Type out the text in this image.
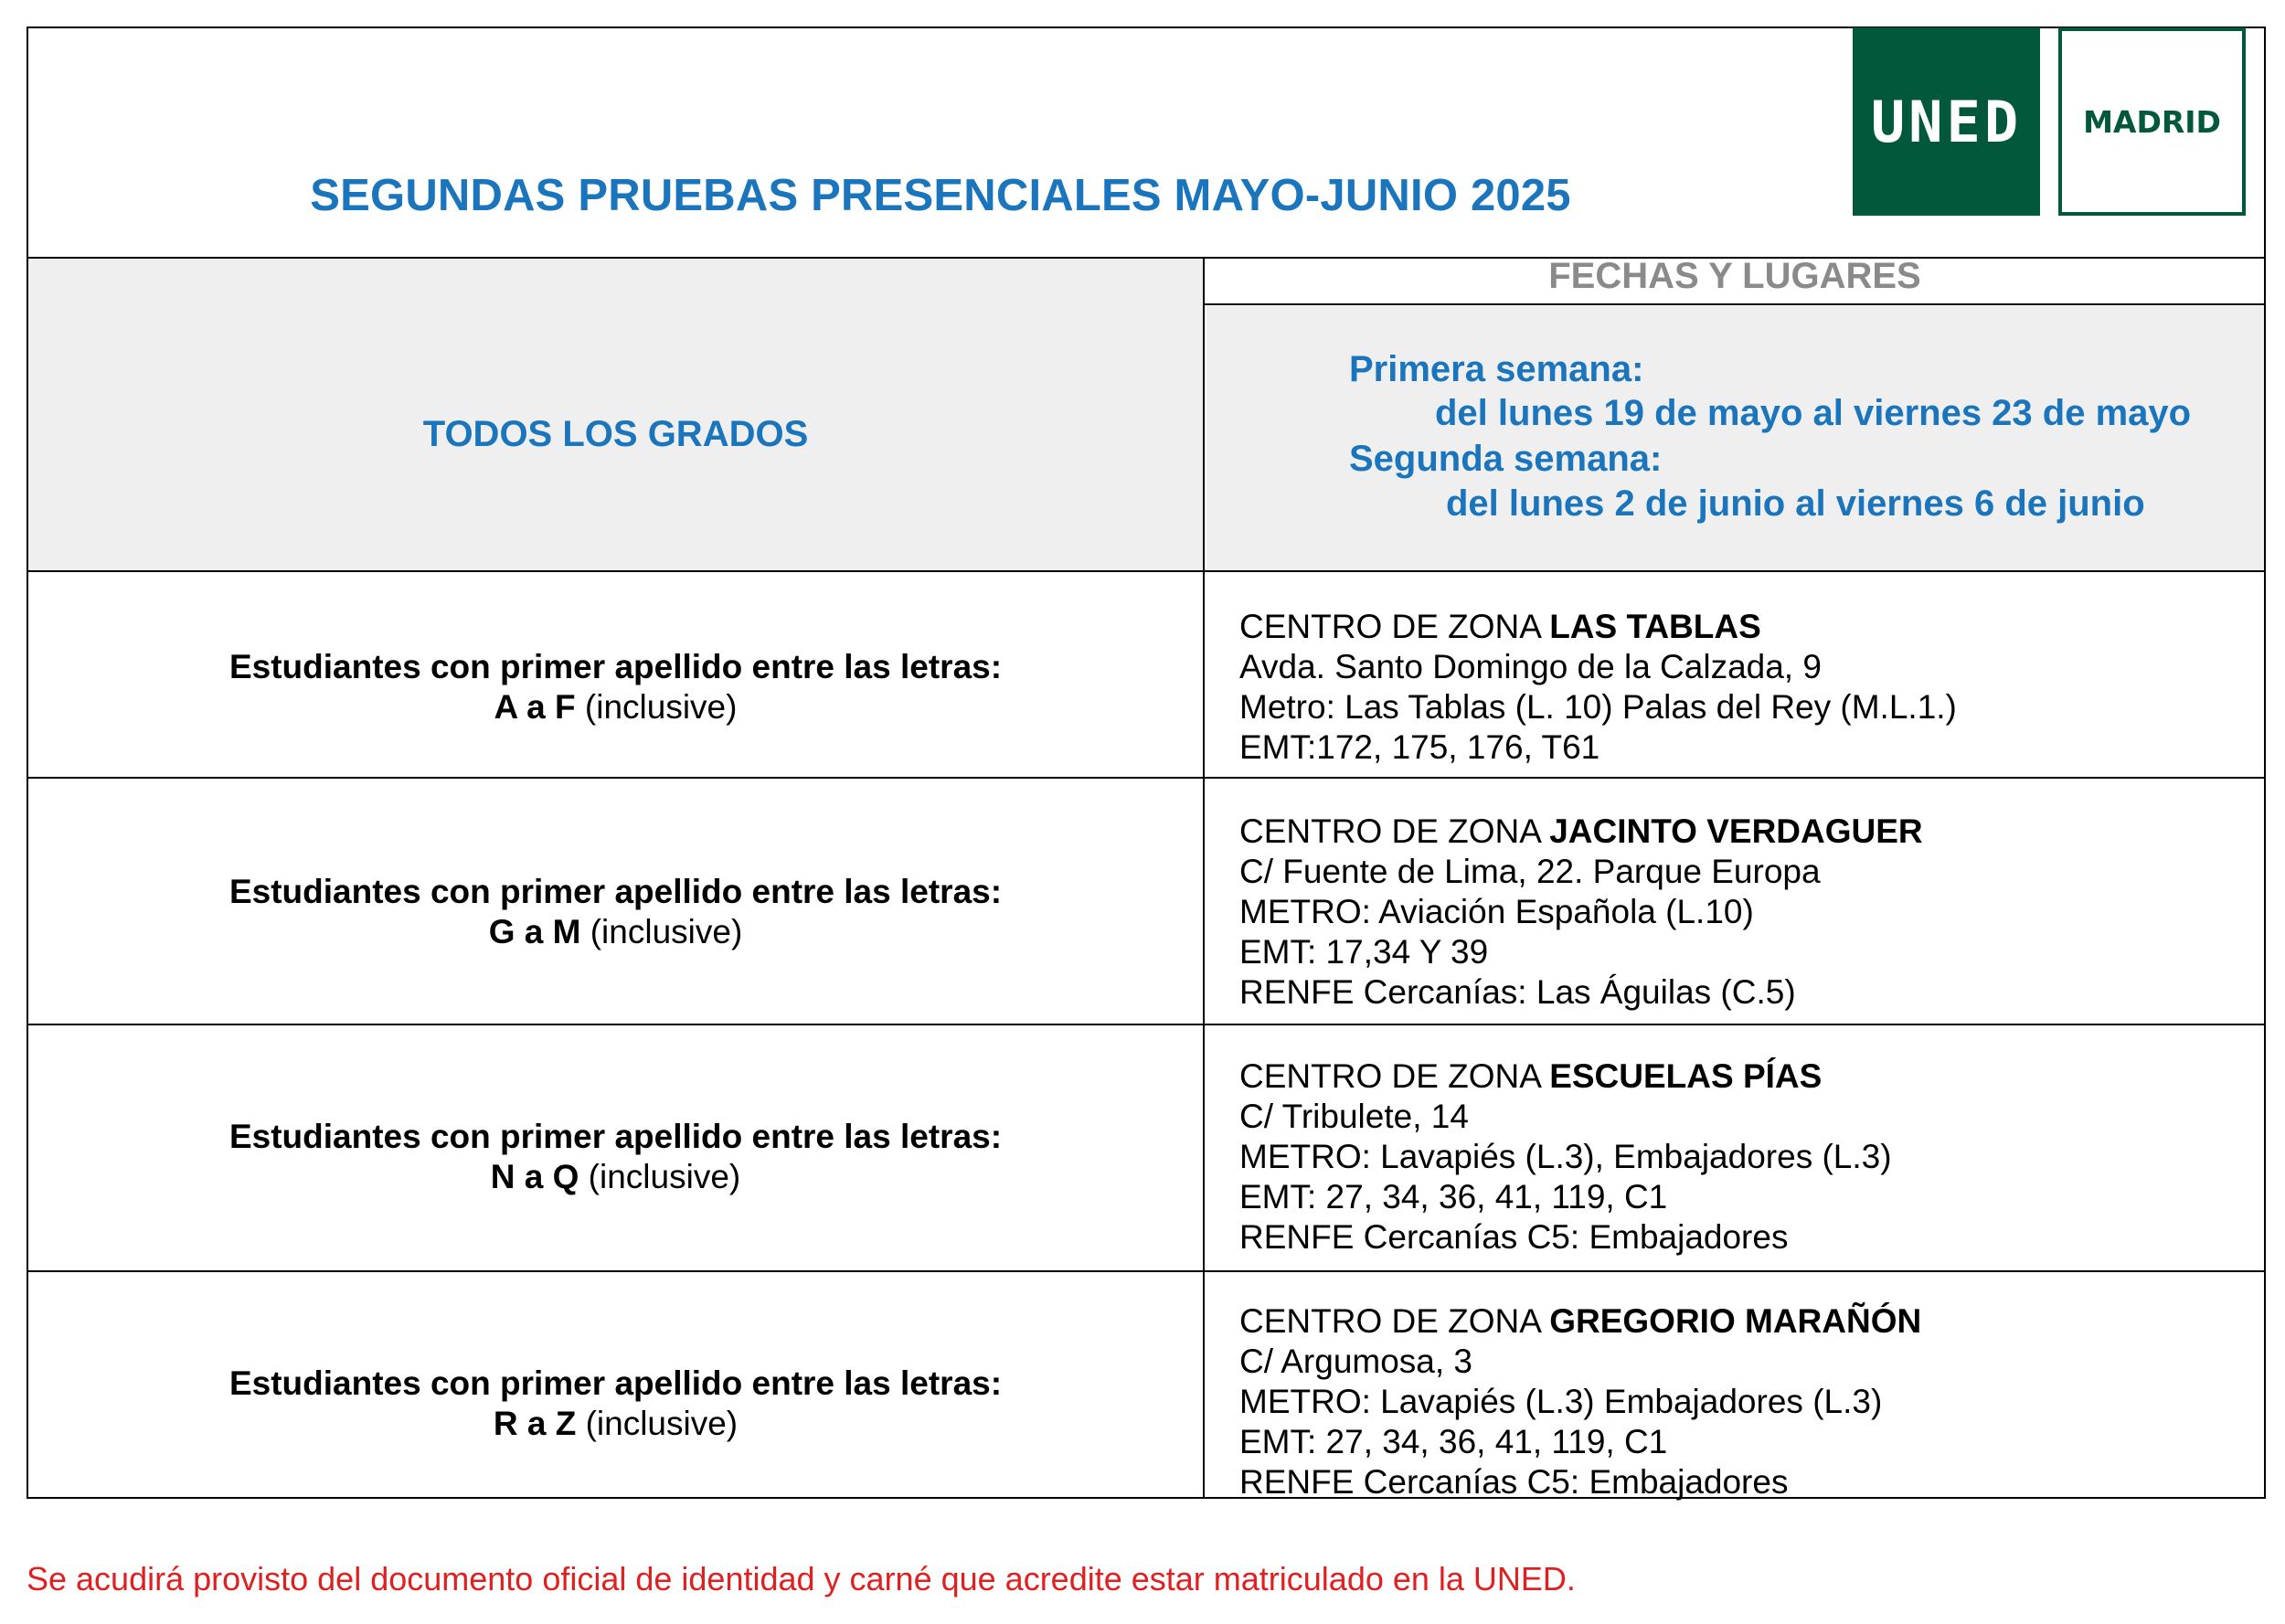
SEGUNDAS PRUEBAS PRESENCIALES MAYO-JUNIO 2025
UNED MADRID
FECHAS Y LUGARES
TODOS LOS GRADOS
Primera semana:
del lunes 19 de mayo al viernes 23 de mayo
Segunda semana:
del lunes 2 de junio al viernes 6 de junio
Estudiantes con primer apellido entre las letras:
A a F (inclusive)
CENTRO DE ZONA LAS TABLAS
Avda. Santo Domingo de la Calzada, 9
Metro: Las Tablas (L. 10) Palas del Rey (M.L.1.)
EMT:172, 175, 176, T61
Estudiantes con primer apellido entre las letras:
G a M (inclusive)
CENTRO DE ZONA JACINTO VERDAGUER
C/ Fuente de Lima, 22. Parque Europa
METRO: Aviación Española (L.10)
EMT: 17,34 Y 39
RENFE Cercanías: Las Águilas (C.5)
Estudiantes con primer apellido entre las letras:
N a Q (inclusive)
CENTRO DE ZONA ESCUELAS PÍAS
C/ Tribulete, 14
METRO: Lavapiés (L.3), Embajadores (L.3)
EMT: 27, 34, 36, 41, 119, C1
RENFE Cercanías C5: Embajadores
Estudiantes con primer apellido entre las letras:
R a Z (inclusive)
CENTRO DE ZONA GREGORIO MARAÑÓN
C/ Argumosa, 3
METRO: Lavapiés (L.3) Embajadores (L.3)
EMT: 27, 34, 36, 41, 119, C1
RENFE Cercanías C5: Embajadores
Se acudirá provisto del documento oficial de identidad y carné que acredite estar matriculado en la UNED.
